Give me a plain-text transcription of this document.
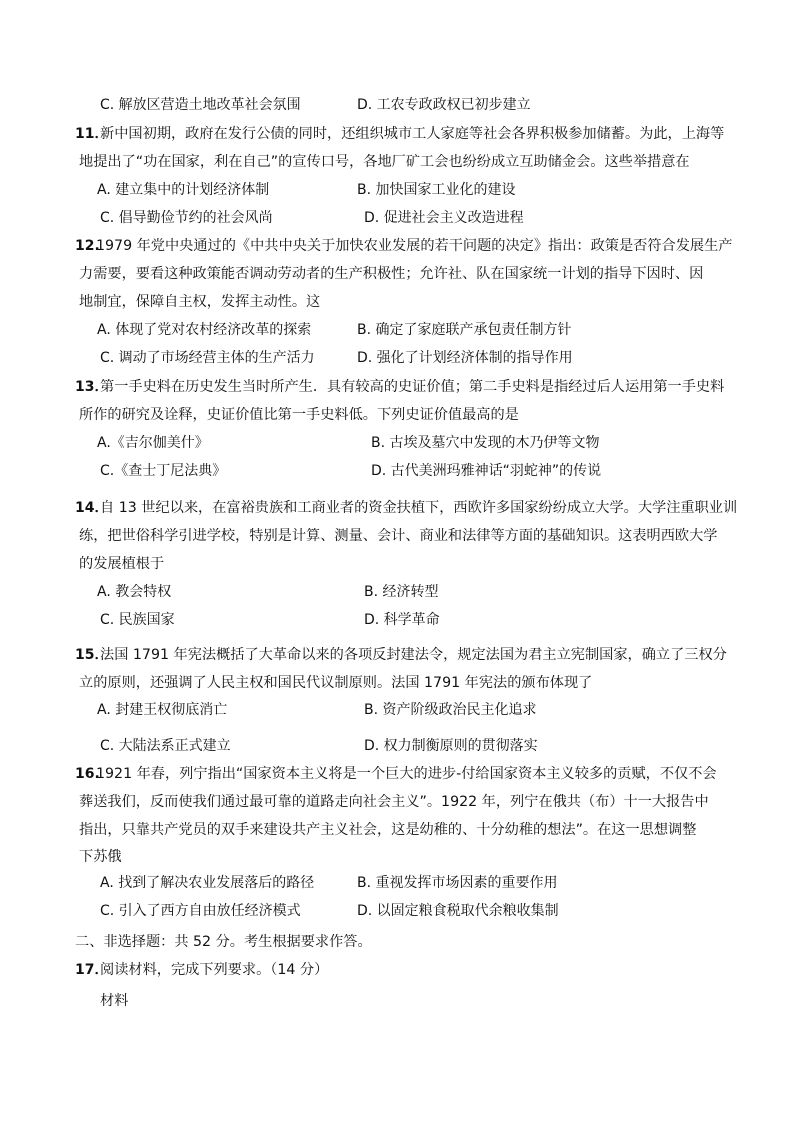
C. 解放区营造土地改革社会氛围	D. 工农专政政权已初步建立
11．
新中国初期，政府在发行公债的同时，还组织城市工人家庭等社会各界积极参加储蓄。为此，上海等
地提出了“功在国家，利在自己”的宣传口号，各地厂矿工会也纷纷成立互助储金会。这些举措意在
A. 建立集中的计划经济体制	B. 加快国家工业化的建设
C. 倡导勤俭节约的社会风尚	D. 促进社会主义改造进程
12.
1979 年党中央通过的《中共中央关于加快农业发展的若干问题的决定》指出：政策是否符合发展生产
力需要，要看这种政策能否调动劳动者的生产积极性；允许社、队在国家统一计划的指导下因时、因
地制宜，保障自主权，发挥主动性。这
A. 体现了党对农村经济改革的探索	B. 确定了家庭联产承包责任制方针
C. 调动了市场经营主体的生产活力	D. 强化了计划经济体制的指导作用
13．
第一手史料在历史发生当时所产生．具有较高的史证价值；第二手史料是指经过后人运用第一手史料
所作的研究及诠释，史证价值比第一手史料低。下列史证价值最高的是
A.《吉尔伽美什》	B. 古埃及墓穴中发现的木乃伊等文物
C.《查士丁尼法典》	D. 古代美洲玛雅神话“羽蛇神”的传说
14．
自 13 世纪以来，在富裕贵族和工商业者的资金扶植下，西欧许多国家纷纷成立大学。大学注重职业训
练，把世俗科学引进学校，特别是计算、测量、会计、商业和法律等方面的基础知识。这表明西欧大学
的发展植根于
A. 教会特权	B. 经济转型
C. 民族国家	D. 科学革命
15．
法国 1791 年宪法概括了大革命以来的各项反封建法令，规定法国为君主立宪制国家，确立了三权分
立的原则，还强调了人民主权和国民代议制原则。法国 1791 年宪法的颁布体现了
A. 封建王权彻底消亡	B. 资产阶级政治民主化追求
C. 大陆法系正式建立	D. 权力制衡原则的贯彻落实
16.
1921 年春，列宁指出“国家资本主义将是一个巨大的进步-付给国家资本主义较多的贡赋，不仅不会
葬送我们，反而使我们通过最可靠的道路走向社会主义”。1922 年，列宁在俄共（布）十一大报告中
指出，只靠共产党员的双手来建设共产主义社会，这是幼稚的、十分幼稚的想法”。在这一思想调整
下苏俄
A. 找到了解决农业发展落后的路径	B. 重视发挥市场因素的重要作用
C. 引入了西方自由放任经济模式	D. 以固定粮食税取代余粮收集制
二、非选择题：共 52 分。考生根据要求作答。
17．
阅读材料，完成下列要求。（14 分）
材料
